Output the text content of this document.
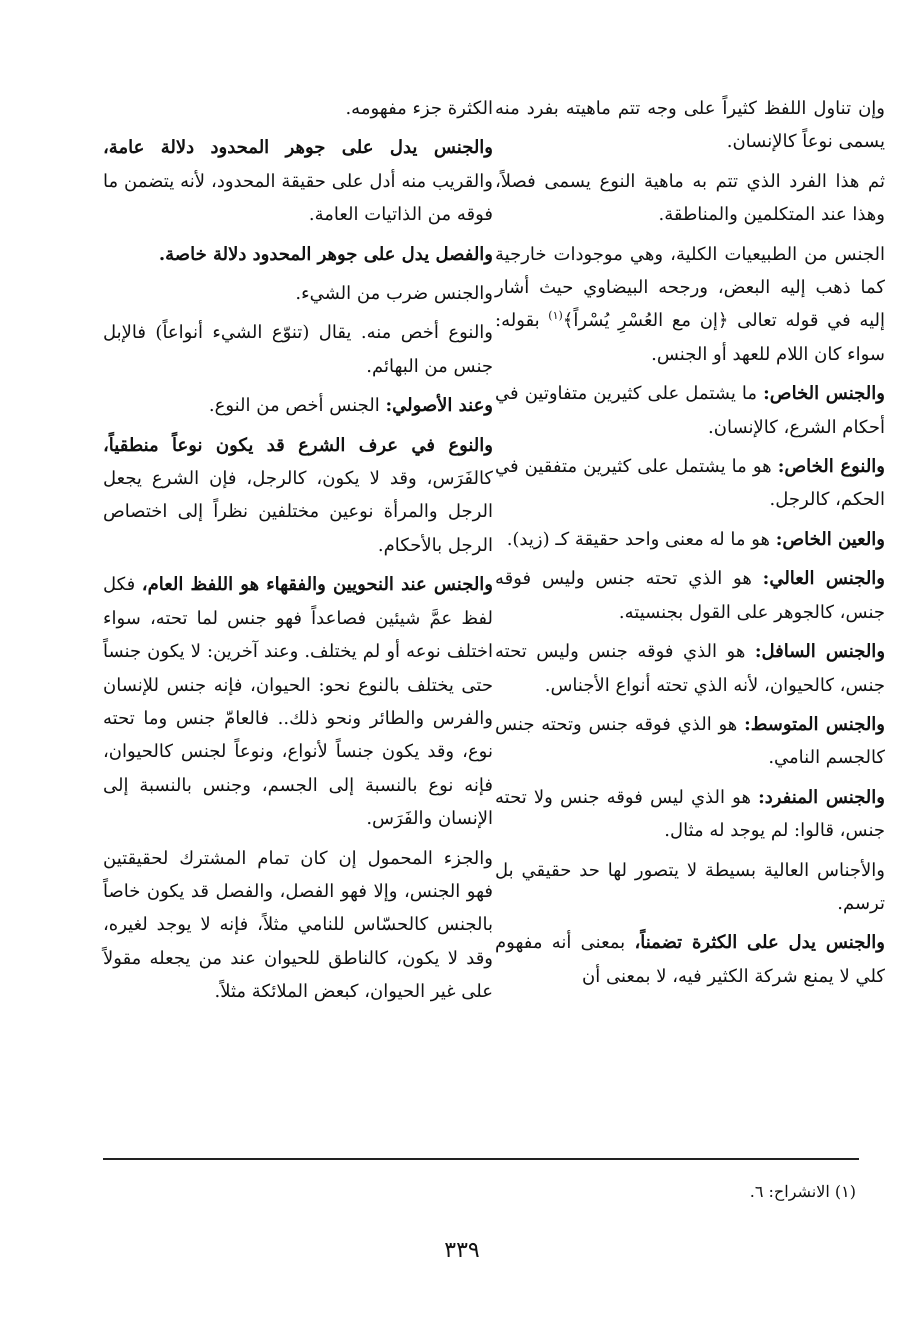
وإن تناول اللفظ كثيراً على وجه تتم ماهيته بفرد منه يسمى نوعاً كالإنسان.

ثم هذا الفرد الذي تتم به ماهية النوع يسمى فصلاً، وهذا عند المتكلمين والمناطقة.

الجنس من الطبيعيات الكلية، وهي موجودات خارجية كما ذهب إليه البعض، ورجحه البيضاوي حيث أشار إليه في قوله تعالى ﴿إن مع العُسْرِ يُسْراً﴾$^{(١)}$ بقوله: سواء كان اللام للعهد أو الجنس.

والجنس الخاص: ما يشتمل على كثيرين متفاوتين في أحكام الشرع، كالإنسان.

والنوع الخاص: هو ما يشتمل على كثيرين متفقين في الحكم، كالرجل.

والعين الخاص: هو ما له معنى واحد حقيقة كـ (زيد).

والجنس العالي: هو الذي تحته جنس وليس فوقه جنس، كالجوهر على القول بجنسيته.

والجنس السافل: هو الذي فوقه جنس وليس تحته جنس، كالحيوان، لأنه الذي تحته أنواع الأجناس.

والجنس المتوسط: هو الذي فوقه جنس وتحته جنس كالجسم النامي.

والجنس المنفرد: هو الذي ليس فوقه جنس ولا تحته جنس، قالوا: لم يوجد له مثال.

والأجناس العالية بسيطة لا يتصور لها حد حقيقي بل ترسم.

والجنس يدل على الكثرة تضمناً، بمعنى أنه مفهوم كلي لا يمنع شركة الكثير فيه، لا بمعنى أن

الكثرة جزء مفهومه.

والجنس يدل على جوهر المحدود دلالة عامة، والقريب منه أدل على حقيقة المحدود، لأنه يتضمن ما فوقه من الذاتيات العامة.

والفصل يدل على جوهر المحدود دلالة خاصة.

والجنس ضرب من الشيء.

والنوع أخص منه. يقال (تنوّع الشيء أنواعاً) فالإبل جنس من البهائم.

وعند الأصولي: الجنس أخص من النوع.

والنوع في عرف الشرع قد يكون نوعاً منطقياً، كالفَرَس، وقد لا يكون، كالرجل، فإن الشرع يجعل الرجل والمرأة نوعين مختلفين نظراً إلى اختصاص الرجل بالأحكام.

والجنس عند النحويين والفقهاء هو اللفظ العام، فكل لفظ عمَّ شيئين فصاعداً فهو جنس لما تحته، سواء اختلف نوعه أو لم يختلف. وعند آخرين: لا يكون جنساً حتى يختلف بالنوع نحو: الحيوان، فإنه جنس للإنسان والفرس والطائر ونحو ذلك.. فالعامّ جنس وما تحته نوع، وقد يكون جنساً لأنواع، ونوعاً لجنس كالحيوان، فإنه نوع بالنسبة إلى الجسم، وجنس بالنسبة إلى الإنسان والفَرَس.

والجزء المحمول إن كان تمام المشترك لحقيقتين فهو الجنس، وإلا فهو الفصل، والفصل قد يكون خاصاً بالجنس كالحسّاس للنامي مثلاً، فإنه لا يوجد لغيره، وقد لا يكون، كالناطق للحيوان عند من يجعله مقولاً على غير الحيوان، كبعض الملائكة مثلاً.

(١) الانشراح: ٦.
٣٣٩
